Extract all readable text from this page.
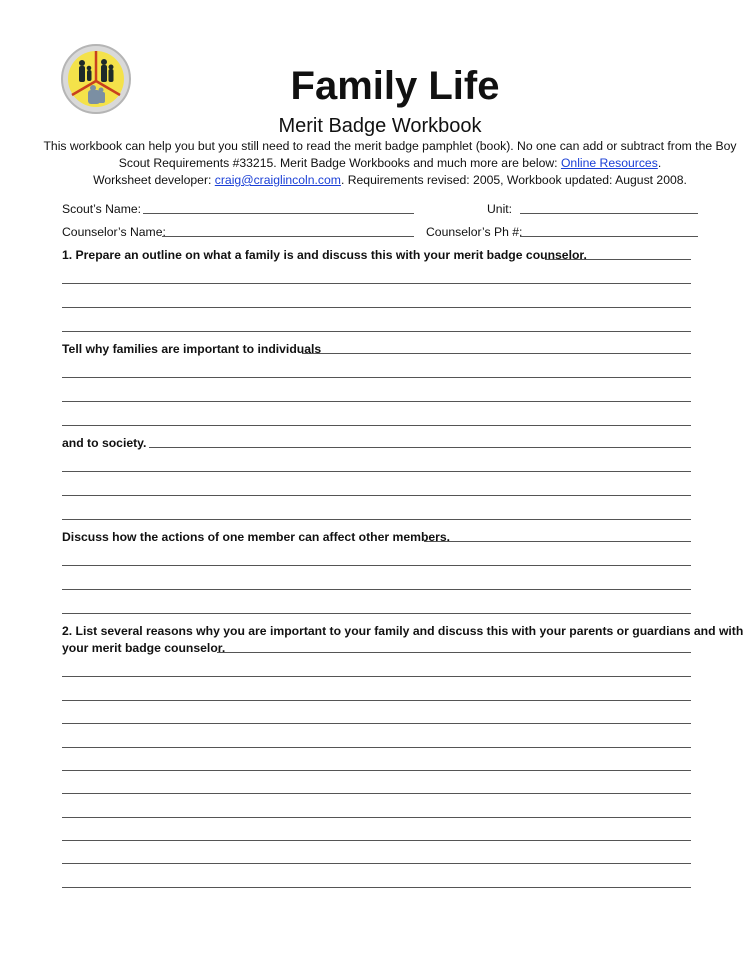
Family Life
Merit Badge Workbook
This workbook can help you but you still need to read the merit badge pamphlet (book). No one can add or subtract from the Boy
Scout Requirements #33215. Merit Badge Workbooks and much more are below: Online Resources.
Worksheet developer: craig@craiglincoln.com. Requirements revised: 2005, Workbook updated: August 2008.
Scout’s Name:	Unit:
Counselor’s Name:	Counselor’s Ph #:
1. Prepare an outline on what a family is and discuss this with your merit badge counselor.
Tell why families are important to individuals
and to society.
Discuss how the actions of one member can affect other members.
2. List several reasons why you are important to your family and discuss this with your parents or guardians and with
your merit badge counselor.
